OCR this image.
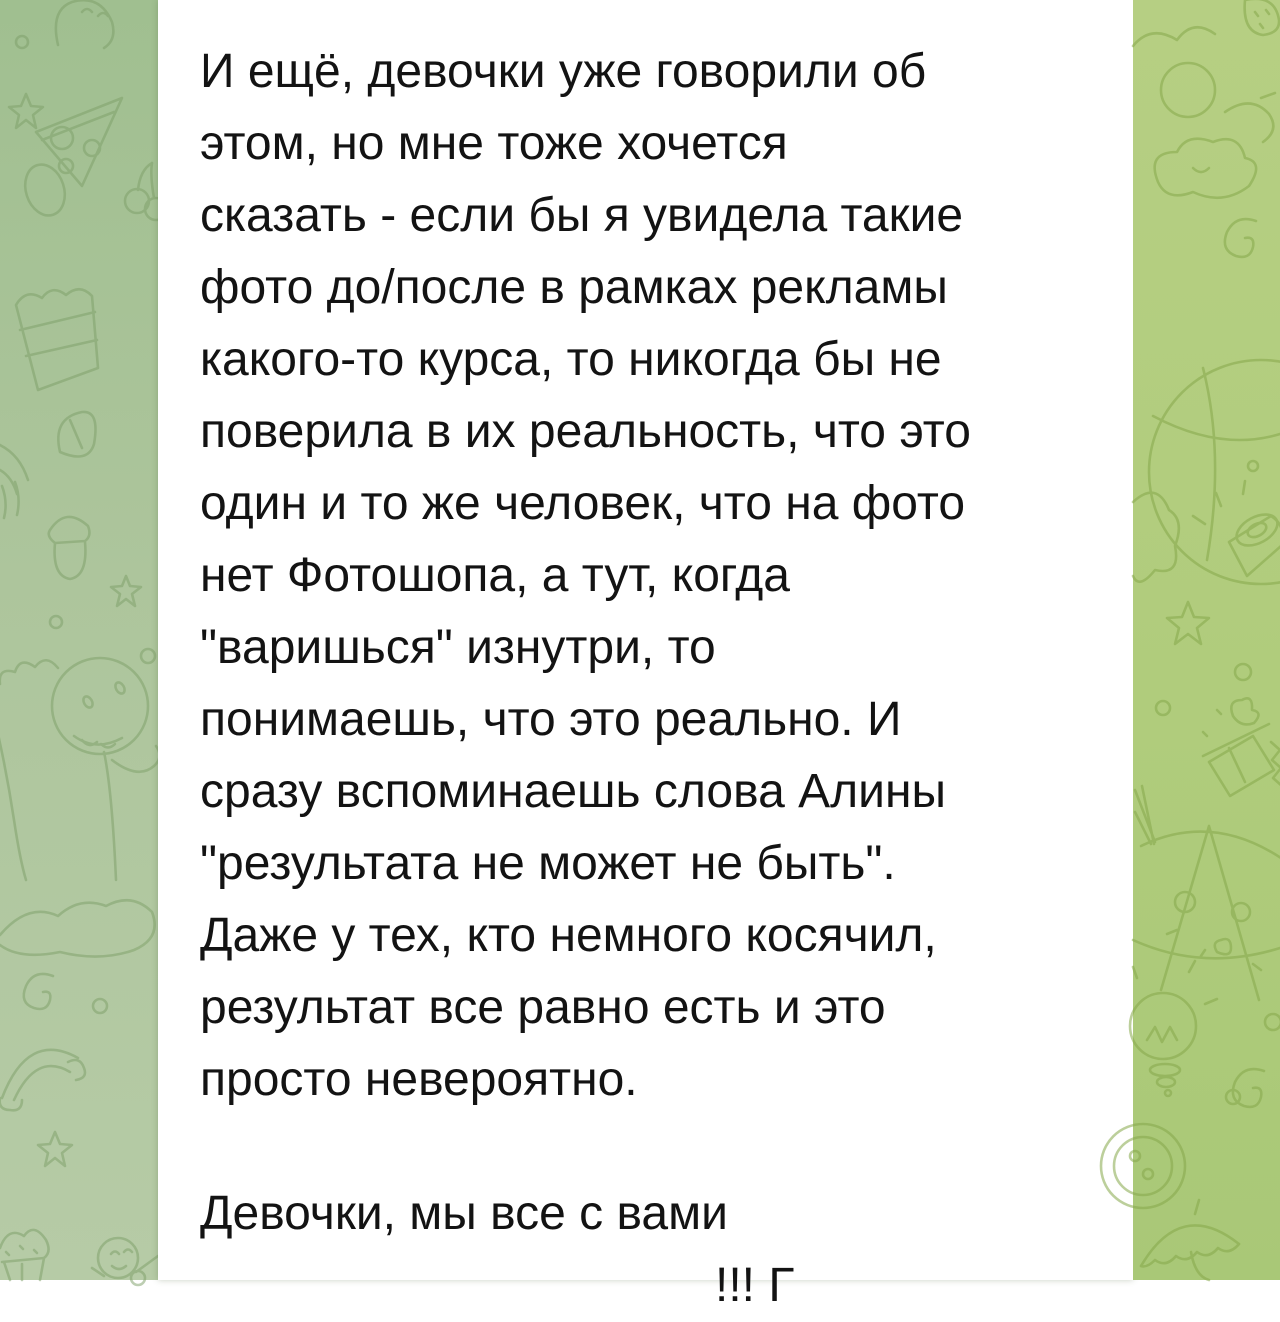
И ещё, девочки уже говорили об
этом, но мне тоже хочется
сказать - если бы я увидела такие
фото до/после в рамках рекламы
какого-то курса, то никогда бы не
поверила в их реальность, что это
один и то же человек, что на фото
нет Фотошопа, а тут, когда
"варишься" изнутри, то
понимаешь, что это реально. И
сразу вспоминаешь слова Алины
"результата не может не быть".
Даже у тех, кто немного косячил,
результат все равно есть и это
просто невероятно.
Девочки, мы все с вами
!!! Г
